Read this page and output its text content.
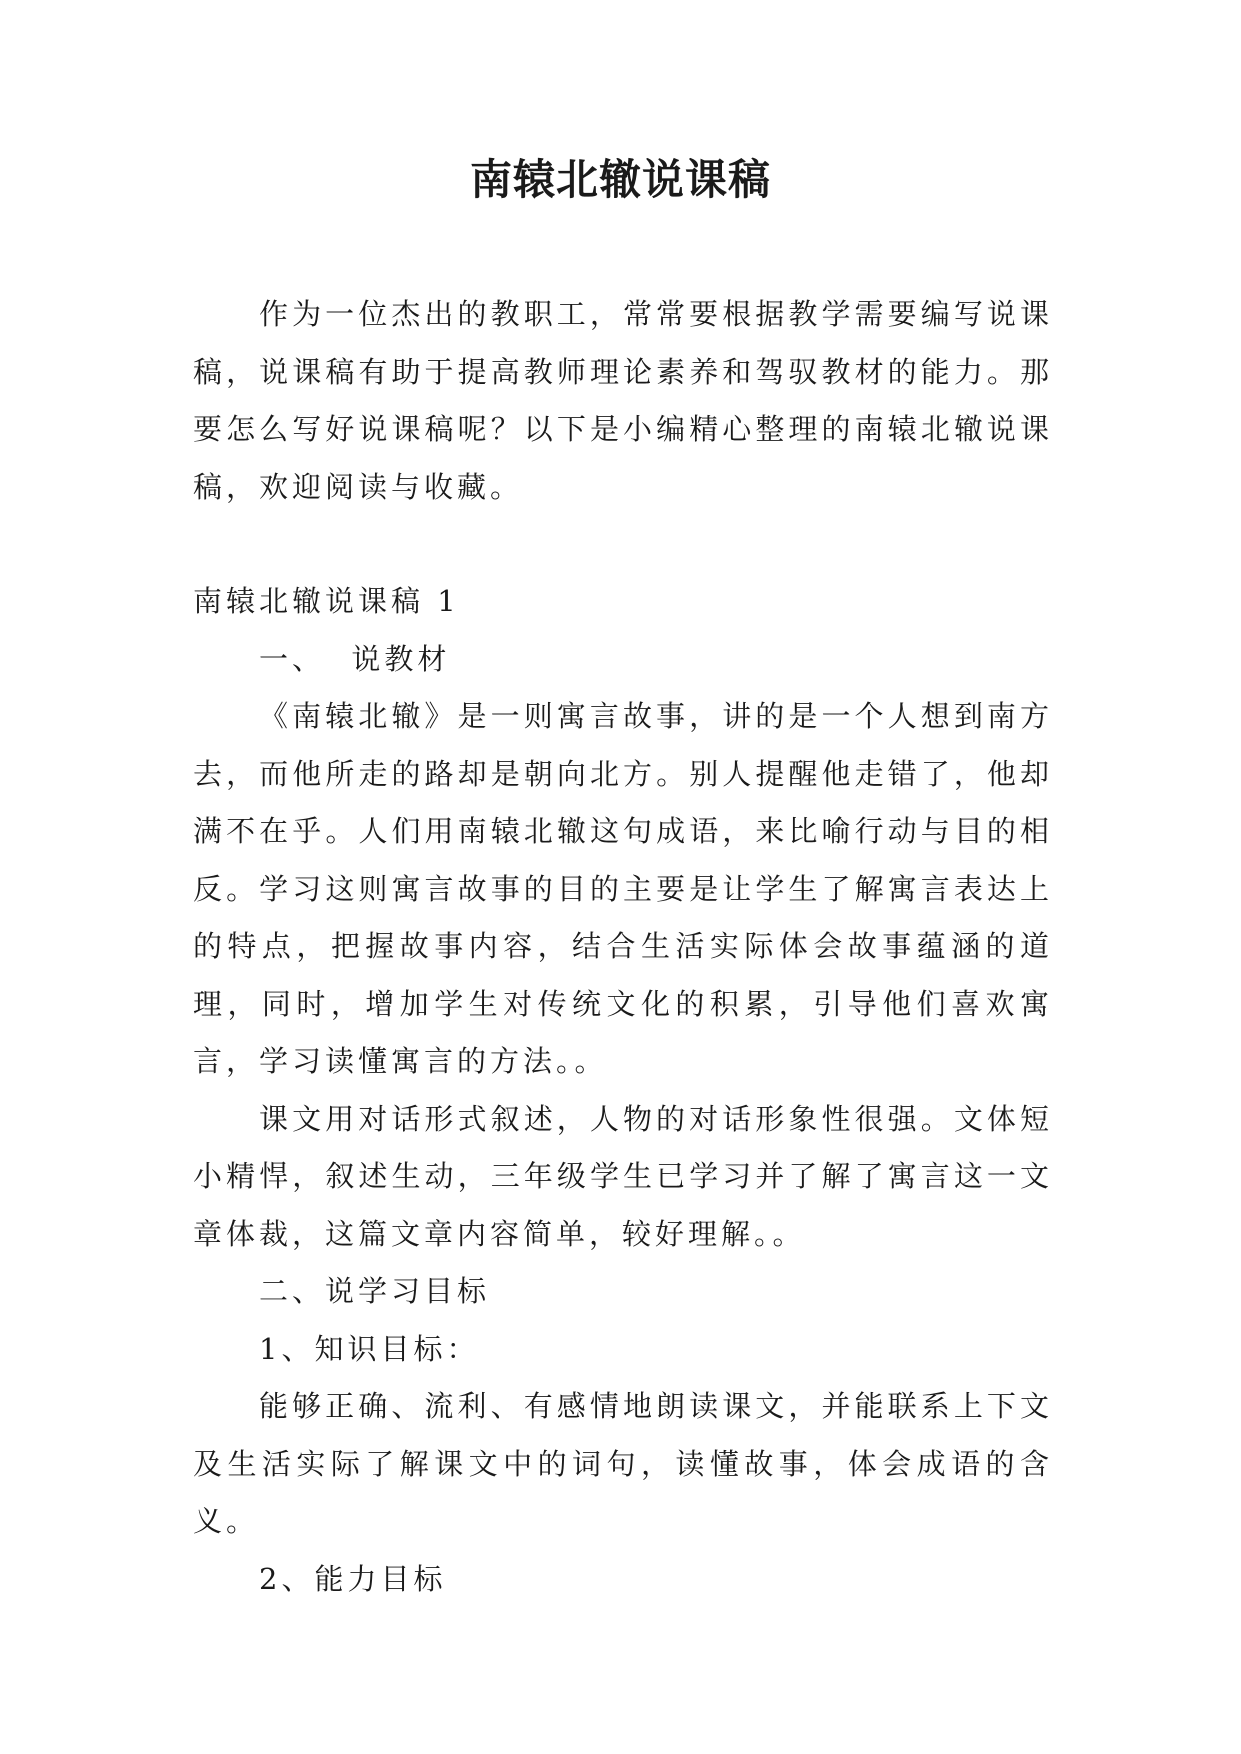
南辕北辙说课稿

作为一位杰出的教职工，常常要根据教学需要编写说课稿，说课稿有助于提高教师理论素养和驾驭教材的能力。那要怎么写好说课稿呢？以下是小编精心整理的南辕北辙说课稿，欢迎阅读与收藏。

南辕北辙说课稿 1

一、  说教材

《南辕北辙》是一则寓言故事，讲的是一个人想到南方去，而他所走的路却是朝向北方。别人提醒他走错了，他却满不在乎。人们用南辕北辙这句成语，来比喻行动与目的相反。学习这则寓言故事的目的主要是让学生了解寓言表达上的特点，把握故事内容，结合生活实际体会故事蕴涵的道理，同时，增加学生对传统文化的积累，引导他们喜欢寓言，学习读懂寓言的方法。。

课文用对话形式叙述，人物的对话形象性很强。文体短小精悍，叙述生动，三年级学生已学习并了解了寓言这一文章体裁，这篇文章内容简单，较好理解。。

二、说学习目标

1、知识目标：

能够正确、流利、有感情地朗读课文，并能联系上下文及生活实际了解课文中的词句，读懂故事，体会成语的含义。

2、能力目标
